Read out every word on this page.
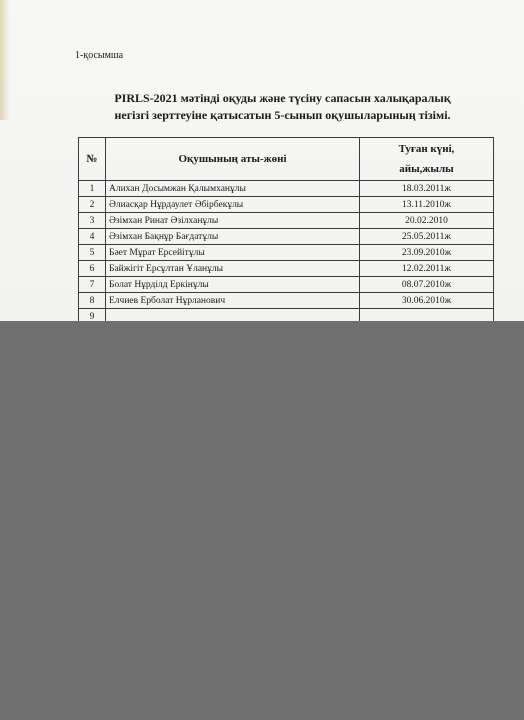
1-қосымша
PIRLS-2021 мәтінді оқуды және түсіну сапасын халықаралық
негізгі зерттеуіне қатысатын 5-сынып оқушыларының тізімі.
№	Оқушының аты-жөні	Туған күні,
айы,жылы
1	Алихан Досымжан Қалымханұлы	18.03.2011ж
2	Әлиасқар Нұрдаулет Әбірбекұлы	13.11.2010ж
3	Әзімхан Ринат Әзілханұлы	20.02.2010
4	Әзімхан Бақнұр Бағдатұлы	25.05.2011ж
5	Бәет Мұрат Ерсейітұлы	23.09.2010ж
6	Байжігіт Ерсұлтан Ұланұлы	12.02.2011ж
7	Болат Нұрділд Еркінұлы	08.07.2010ж
8	Елчиев Ерболат Нұрланович	30.06.2010ж
9		
